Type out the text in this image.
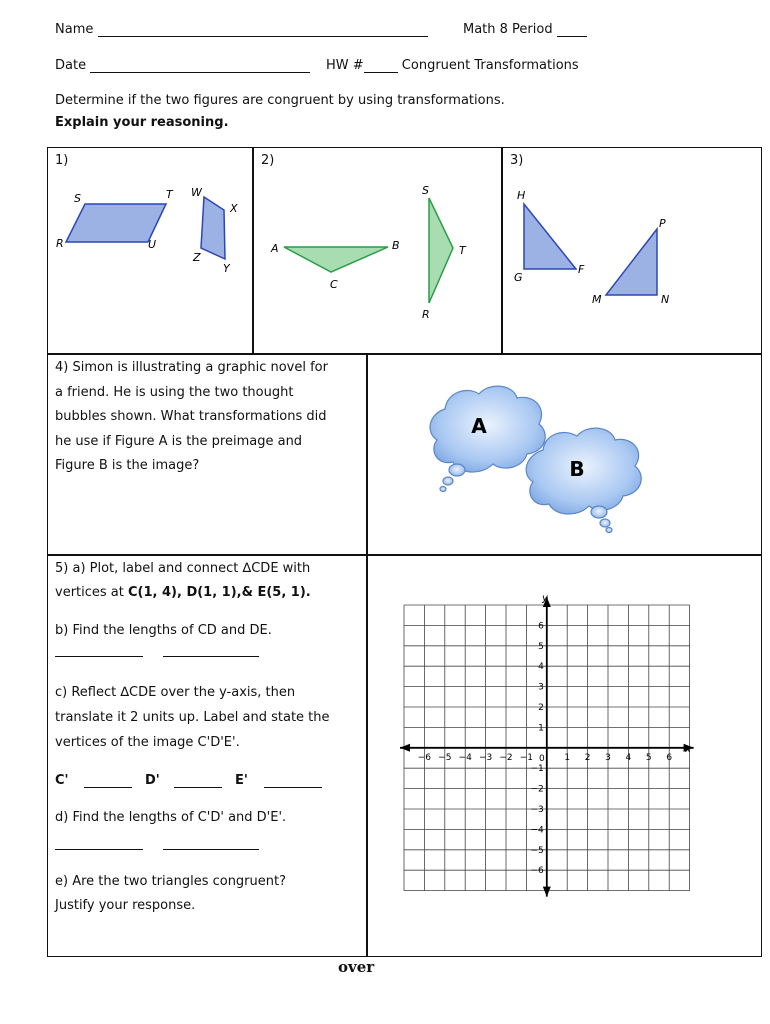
Name	Math 8 Period
Date	HW #	Congruent Transformations
Determine if the two figures are congruent by using transformations.
Explain your reasoning.
1)
S	T
R	U
W
X
Z
Y
2)
A	B
C
S
T
R
3)
H
G
F
P
M	N
4) Simon is illustrating a graphic novel for
a friend. He is using the two thought
bubbles shown. What transformations did
he use if Figure A is the preimage and
Figure B is the image?
A
B
5) a) Plot, label and connect ∆CDE with
vertices at C(1, 4), D(1, 1),& E(5, 1).
b) Find the lengths of CD and DE.
c) Reflect ∆CDE over the y-axis, then
translate it 2 units up. Label and state the
vertices of the image C'D'E'.
C'	D'	E'
d) Find the lengths of C'D' and D'E'.
e) Are the two triangles congruent?
Justify your response.
−6 −5 −4 −3 −2 −1	1 2 3 4 5 6
6
5
4
3
2
1
−1
−2
−3
−4
−5
−6
y
x
0
over
